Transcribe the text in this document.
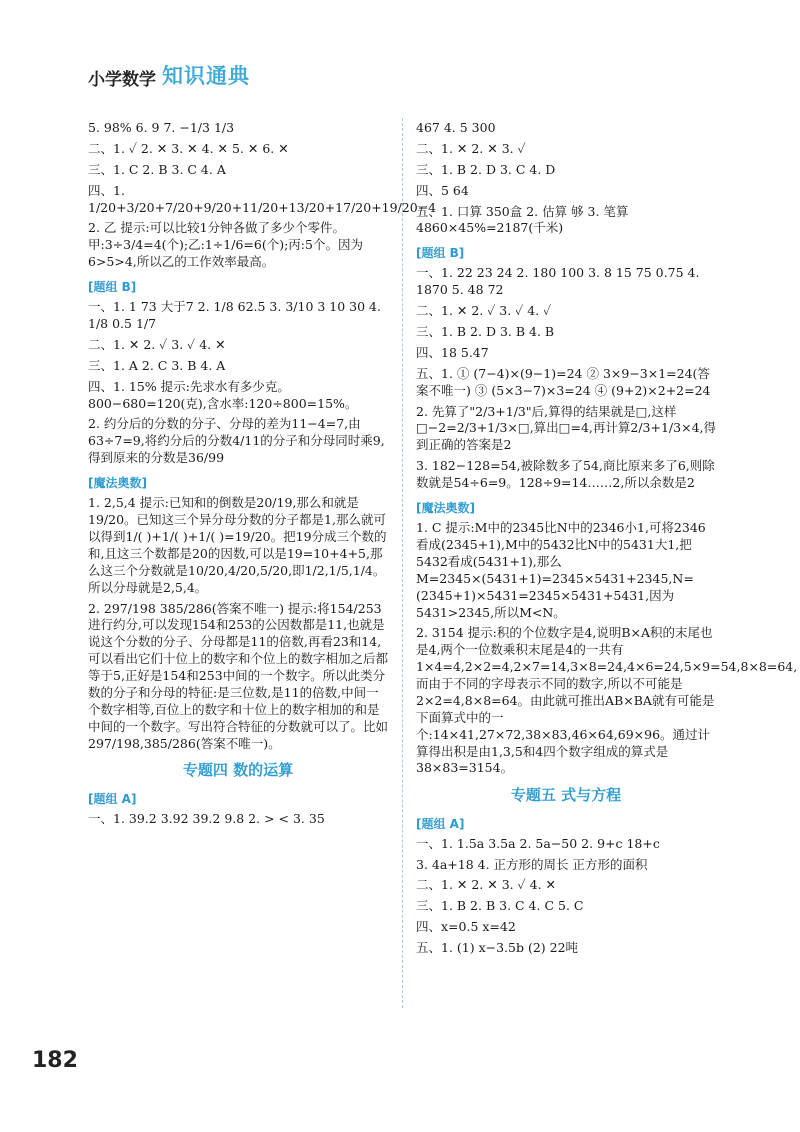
小学数学 知识通典
5. 98% 6. 9 7. −1/3 1/3
二、1. ✓ 2. ✕ 3. ✕ 4. ✕ 5. ✕ 6. ✕
三、1. C 2. B 3. C 4. A
四、1. 1/20+3/20+7/20+9/20+11/20+13/20+17/20+19/20−4
2. 乙 提示:可以比较1分钟各做了多少个零件。甲:3÷3/4=4(个);乙:1÷1/6=6(个);丙:5个。因为6>5>4,所以乙的工作效率最高。
[题组 B]
一、1. 1 73 大于7 2. 1/8 62.5 3. 3/10 3 10 30 4. 1/8 0.5 1/7
二、1. ✕ 2. ✓ 3. ✓ 4. ✕
三、1. A 2. C 3. B 4. A
四、1. 15% 提示:先求水有多少克。800−680=120(克),含水率:120÷800=15%。
2. 约分后的分数的分子、分母的差为11−4=7,由63÷7=9,将约分后的分数4/11的分子和分母同时乘9,得到原来的分数是36/99
[魔法奥数]
1. 2,5,4 提示:已知和的倒数是20/19,那么和就是19/20。已知这三个异分母分数的分子都是1,那么就可以得到1/( )+1/( )+1/( )=19/20。把19分成三个数的和,且这三个数都是20的因数,可以是19=10+4+5,那么这三个分数就是10/20,4/20,5/20,即1/2,1/5,1/4。所以分母就是2,5,4。
2. 297/198 385/286(答案不唯一) 提示:将154/253进行约分,可以发现154和253的公因数都是11,也就是说这个分数的分子、分母都是11的倍数,再看23和14,可以看出它们十位上的数字和个位上的数字相加之后都等于5,正好是154和253中间的一个数字。所以此类分数的分子和分母的特征:是三位数,是11的倍数,中间一个数字相等,百位上的数字和十位上的数字相加的和是中间的一个数字。写出符合特征的分数就可以了。比如297/198,385/286(答案不唯一)。
专题四 数的运算
[题组 A]
一、1. 39.2 3.92 39.2 9.8 2. > < 3. 35
467 4. 5 300
二、1. ✕ 2. ✕ 3. ✓
三、1. B 2. D 3. C 4. D
四、5 64
五、1. 口算 350盒 2. 估算 够 3. 笔算 4860×45%=2187(千米)
[题组 B]
一、1. 22 23 24 2. 180 100 3. 8 15 75 0.75 4. 1870 5. 48 72
二、1. ✕ 2. ✓ 3. ✓ 4. ✓
三、1. B 2. D 3. B 4. B
四、18 5.47
五、1. ① (7−4)×(9−1)=24 ② 3×9−3×1=24(答案不唯一) ③ (5×3−7)×3=24 ④ (9+2)×2+2=24
2. 先算了"2/3+1/3"后,算得的结果就是□,这样□−2=2/3+1/3×□,算出□=4,再计算2/3+1/3×4,得到正确的答案是2
3. 182−128=54,被除数多了54,商比原来多了6,则除数就是54÷6=9。128÷9=14……2,所以余数是2
[魔法奥数]
1. C 提示:M中的2345比N中的2346小1,可将2346看成(2345+1),M中的5432比N中的5431大1,把5432看成(5431+1),那么M=2345×(5431+1)=2345×5431+2345,N=(2345+1)×5431=2345×5431+5431,因为5431>2345,所以M<N。
2. 3154 提示:积的个位数字是4,说明B×A积的末尾也是4,两个一位数乘积末尾是4的一共有1×4=4,2×2=4,2×7=14,3×8=24,4×6=24,5×9=54,8×8=64,而由于不同的字母表示不同的数字,所以不可能是2×2=4,8×8=64。由此就可推出AB×BA就有可能是下面算式中的一个:14×41,27×72,38×83,46×64,69×96。通过计算得出积是由1,3,5和4四个数字组成的算式是38×83=3154。
专题五 式与方程
[题组 A]
一、1. 1.5a 3.5a 2. 5a−50 2. 9+c 18+c
3. 4a+18 4. 正方形的周长 正方形的面积
二、1. ✕ 2. ✕ 3. ✓ 4. ✕
三、1. B 2. B 3. C 4. C 5. C
四、x=0.5 x=42
五、1. (1) x−3.5b (2) 22吨
182
